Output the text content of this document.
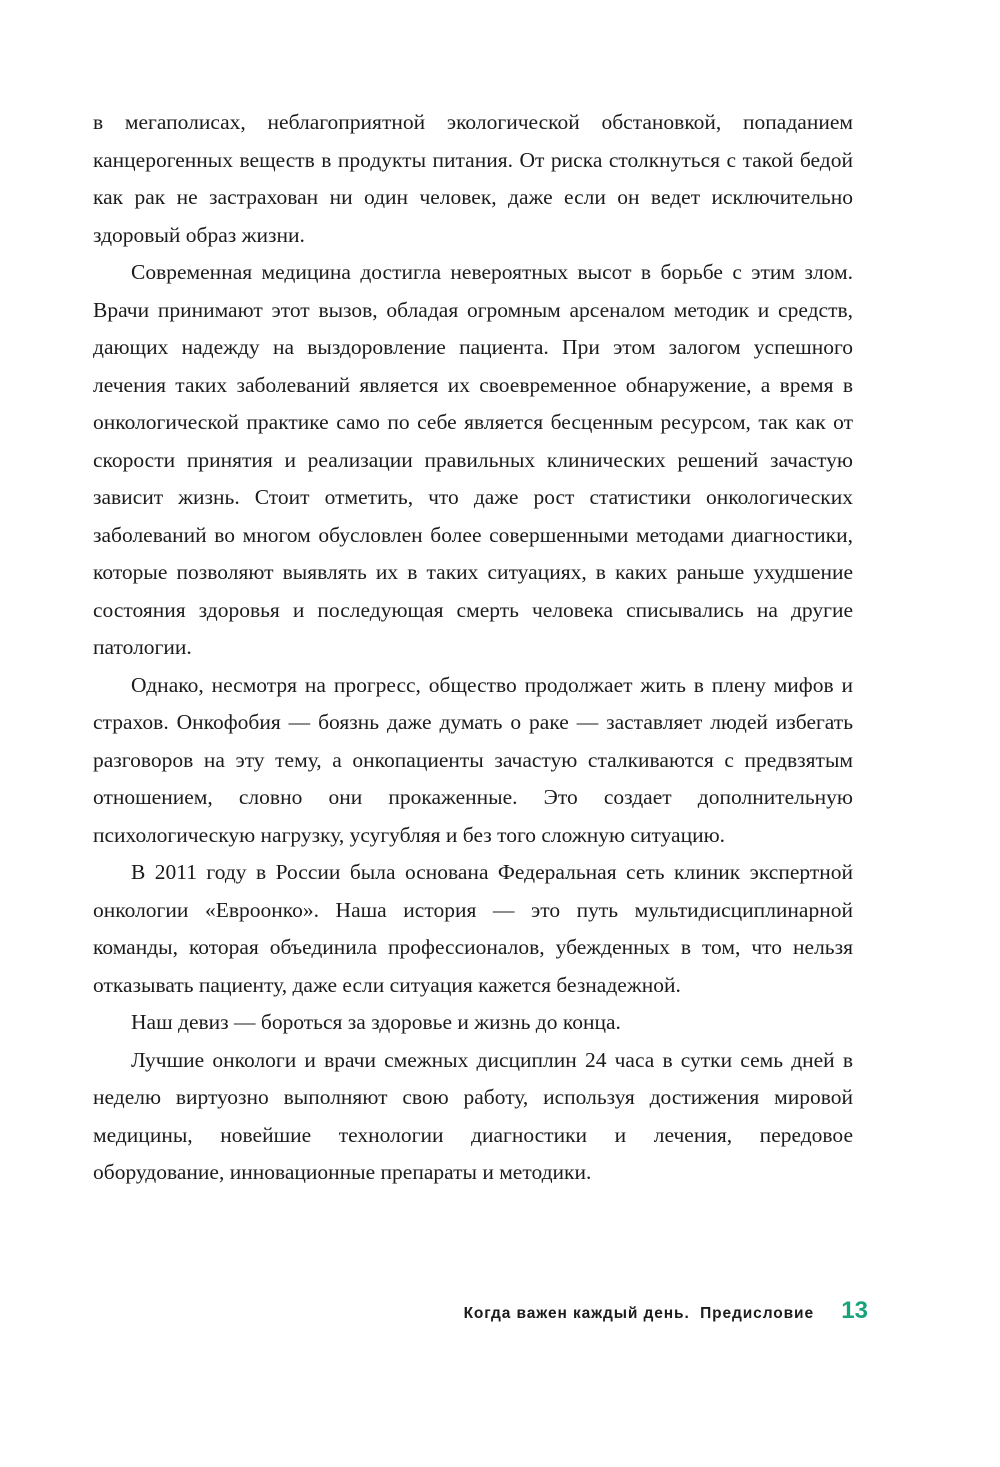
в мегаполисах, неблагоприятной экологической обстановкой, попаданием канцерогенных веществ в продукты питания. От риска столкнуться с такой бедой как рак не застрахован ни один человек, даже если он ведет исключительно здоровый образ жизни.

Современная медицина достигла невероятных высот в борьбе с этим злом. Врачи принимают этот вызов, обладая огромным арсеналом методик и средств, дающих надежду на выздоровление пациента. При этом залогом успешного лечения таких заболеваний является их своевременное обнаружение, а время в онкологической практике само по себе является бесценным ресурсом, так как от скорости принятия и реализации правильных клинических решений зачастую зависит жизнь. Стоит отметить, что даже рост статистики онкологических заболеваний во многом обусловлен более совершенными методами диагностики, которые позволяют выявлять их в таких ситуациях, в каких раньше ухудшение состояния здоровья и последующая смерть человека списывались на другие патологии.

Однако, несмотря на прогресс, общество продолжает жить в плену мифов и страхов. Онкофобия — боязнь даже думать о раке — заставляет людей избегать разговоров на эту тему, а онкопациенты зачастую сталкиваются с предвзятым отношением, словно они прокаженные. Это создает дополнительную психологическую нагрузку, усугубляя и без того сложную ситуацию.

В 2011 году в России была основана Федеральная сеть клиник экспертной онкологии «Евроонко». Наша история — это путь мультидисциплинарной команды, которая объединила профессионалов, убежденных в том, что нельзя отказывать пациенту, даже если ситуация кажется безнадежной.

Наш девиз — бороться за здоровье и жизнь до конца.

Лучшие онкологи и врачи смежных дисциплин 24 часа в сутки семь дней в неделю виртуозно выполняют свою работу, используя достижения мировой медицины, новейшие технологии диагностики и лечения, передовое оборудование, инновационные препараты и методики.

Когда важен каждый день.  Предисловие 13
